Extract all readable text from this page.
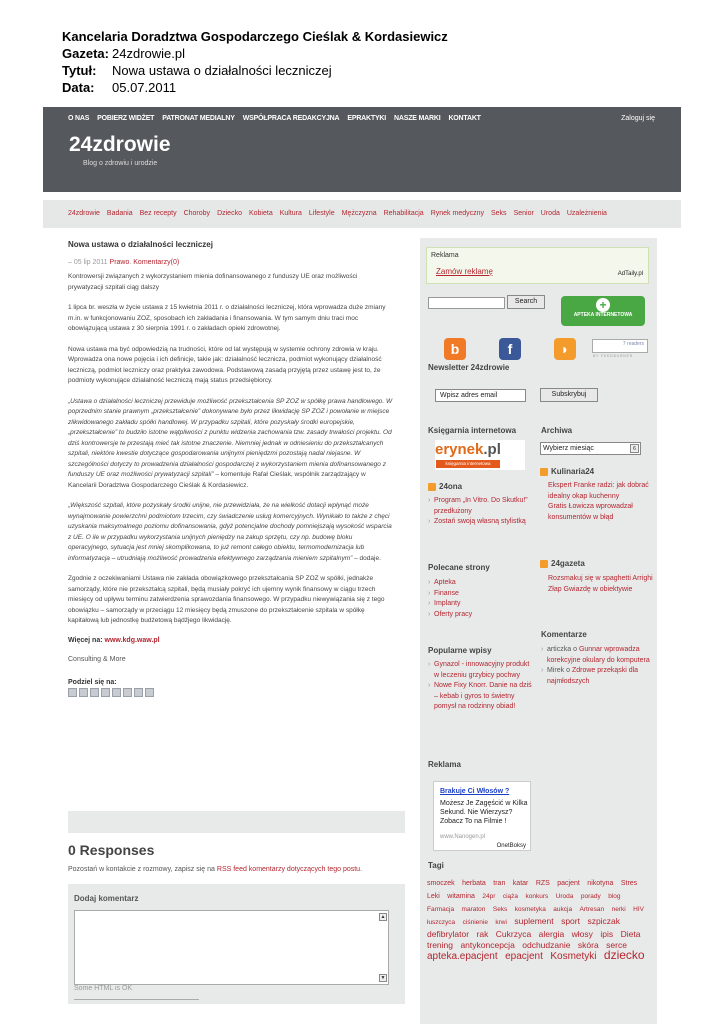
Kancelaria Doradztwa Gospodarczego Cieślak & Kordasiewicz
Gazeta: 24zdrowie.pl
Tytuł:	Nowa ustawa o działalności leczniczej
Data:	05.07.2011
O NAS POBIERZ WIDŻET PATRONAT MEDIALNY WSPÓŁPRACA REDAKCYJNA EPRAKTYKI NASZE MARKI KONTAKT	Zaloguj się
24zdrowie
Blog o zdrowiu i urodzie
24zdrowie Badania Bez recepty Choroby Dziecko Kobieta Kultura Lifestyle Mężczyzna Rehabilitacja Rynek medyczny Seks Senior Uroda Uzależnienia
Nowa ustawa o działalności leczniczej
– 05 lip 2011 Prawo. Komentarzy(0)
Kontrowersji związanych z wykorzystaniem mienia dofinansowanego z funduszy UE oraz możliwości prywatyzacji szpitali ciąg dalszy
1 lipca br. weszła w życie ustawa z 15 kwietnia 2011 r. o działalności leczniczej, która wprowadza duże zmiany m.in. w funkcjonowaniu ZOZ, sposobach ich zakładania i finansowania. W tym samym dniu traci moc obowiązującą ustawa z 30 sierpnia 1991 r. o zakładach opieki zdrowotnej.
Nowa ustawa ma być odpowiedzią na trudności, które od lat występują w systemie ochrony zdrowia w kraju. Wprowadza ona nowe pojęcia i ich definicje, takie jak: działalność lecznicza, podmiot wykonujący działalność leczniczą, podmiot leczniczy oraz praktyka zawodowa. Podstawową zasadą przyjętą przez ustawę jest to, że podmioty wykonujące działalność leczniczą mają status przedsiębiorcy.
„Ustawa o działalności leczniczej przewiduje możliwość przekształcenia SP ZOZ w spółkę prawa handlowego. W poprzednim stanie prawnym „przekształcenie” dokonywane było przez likwidację SP ZOZ i powołanie w miejsce zlikwidowanego zakładu spółki handlowej. W przypadku szpitali, które pozyskały środki europejskie, „przekształcenie” to budziło istotne wątpliwości z punktu widzenia zachowania tzw. zasady trwałości projektu. Od dziś kontrowersje te przestają mieć tak istotne znaczenie. Niemniej jednak w odniesieniu do przekształcanych szpitali, niektóre kwestie dotyczące gospodarowania unijnymi pieniędzmi pozostają nadal niejasne. W szczególności dotyczy to prowadzenia działalności gospodarczej z wykorzystaniem mienia dofinansowanego z funduszy UE oraz możliwości prywatyzacji szpitali” – komentuje Rafał Cieślak, wspólnik zarządzający w Kancelarii Doradztwa Gospodarczego Cieślak & Kordasiewicz.
„Większość szpitali, które pozyskały środki unijne, nie przewidziała, że na wielkość dotacji wpłynąć może wynajmowanie powierzchni podmiotom trzecim, czy świadczenie usług komercyjnych. Wynikało to także z chęci uzyskania maksymalnego poziomu dofinansowania, gdyż potencjalne dochody pomniejszają wysokość wsparcia z UE. O ile w przypadku wykorzystania unijnych pieniędzy na zakup sprzętu, czy np. budowę bloku operacyjnego, sytuacja jest mniej skomplikowana, to już remont całego obiektu, termomodernizacja lub informatyzacja – utrudniają możliwość prowadzenia efektywnego zarządzania mieniem szpitalnym” – dodaje.
Zgodnie z oczekiwaniami Ustawa nie zakłada obowiązkowego przekształcania SP ZOZ w spółki, jednakże samorządy, które nie przekształcą szpitali, będą musiały pokryć ich ujemny wynik finansowy w ciągu trzech miesięcy od upływu terminu zatwierdzenia sprawozdania finansowego. W przypadku niewywiązania się z tego obowiązku – samorządy w przeciągu 12 miesięcy będą zmuszone do przekształcenie szpitala w spółkę kapitałową lub jednostkę budżetową bądźjego likwidację.
Więcej na: www.kdg.waw.pl
Consulting & More
Podziel się na:
0 Responses
Pozostań w kontakcie z rozmowy, zapisz się na RSS feed komentarzy dotyczących tego postu.
Dodaj komentarz
▲
▼
Some HTML is OK
Reklama
Zamów reklamę	AdTaily.pl
Search	+
APTEKA INTERNETOWA
b	f	◗	7 readers
BY FEEDBURNER
Newsletter 24zdrowie
Wpisz adres email	Subskrybuj
Księgarnia internetowa	Archiwa
erynek.pl
księgarnia internetowa
Wybierz miesiąc	6
Kulinaria24
Ekspert Franke radzi: jak dobrać idealny okap kuchenny
Gratis Łowicza wprowadzał konsumentów w błąd
24ona
› Program „In Vitro. Do Skutku!” przedłużony
› Zostań swoją własną stylistką
24gazeta
Rozsmakuj się w spaghetti Arrighi
Złap Gwiazdę w obiektywie
Polecane strony
› Apteka
› Finanse
› Implanty
› Oferty pracy
Komentarze
› articzka o Gunnar wprowadza korekcyjne okulary do komputera
› Mirek o Zdrowe przekąski dla najmłodszych
Popularne wpisy
› Gynazol - innowacyjny produkt w leczeniu grzybicy pochwy
› Nowe Fixy Knorr. Danie na dziś – kebab i gyros to świetny pomysł na rodzinny obiad!
Reklama
Brakuje Ci Włosów ?
Możesz Je Zagęścić w Kilka Sekund. Nie Wierzysz? Zobacz To na Filmie !
www.Nanogen.pl
OnetBoksy
Tagi
smoczek herbata tran katar RZS pacjent nikotyna Stres Leki witamina 24pr ciąża konkurs Uroda porady blog Farmacja maraton Seks kosmetyka aukcja Artresan nerki HIV łuszczyca ciśnienie krwi suplement sport szpiczak defibrylator rak Cukrzyca alergia włosy ipis Dieta trening antykoncepcja odchudzanie skóra serce apteka.epacjent epacjent Kosmetyki dziecko
